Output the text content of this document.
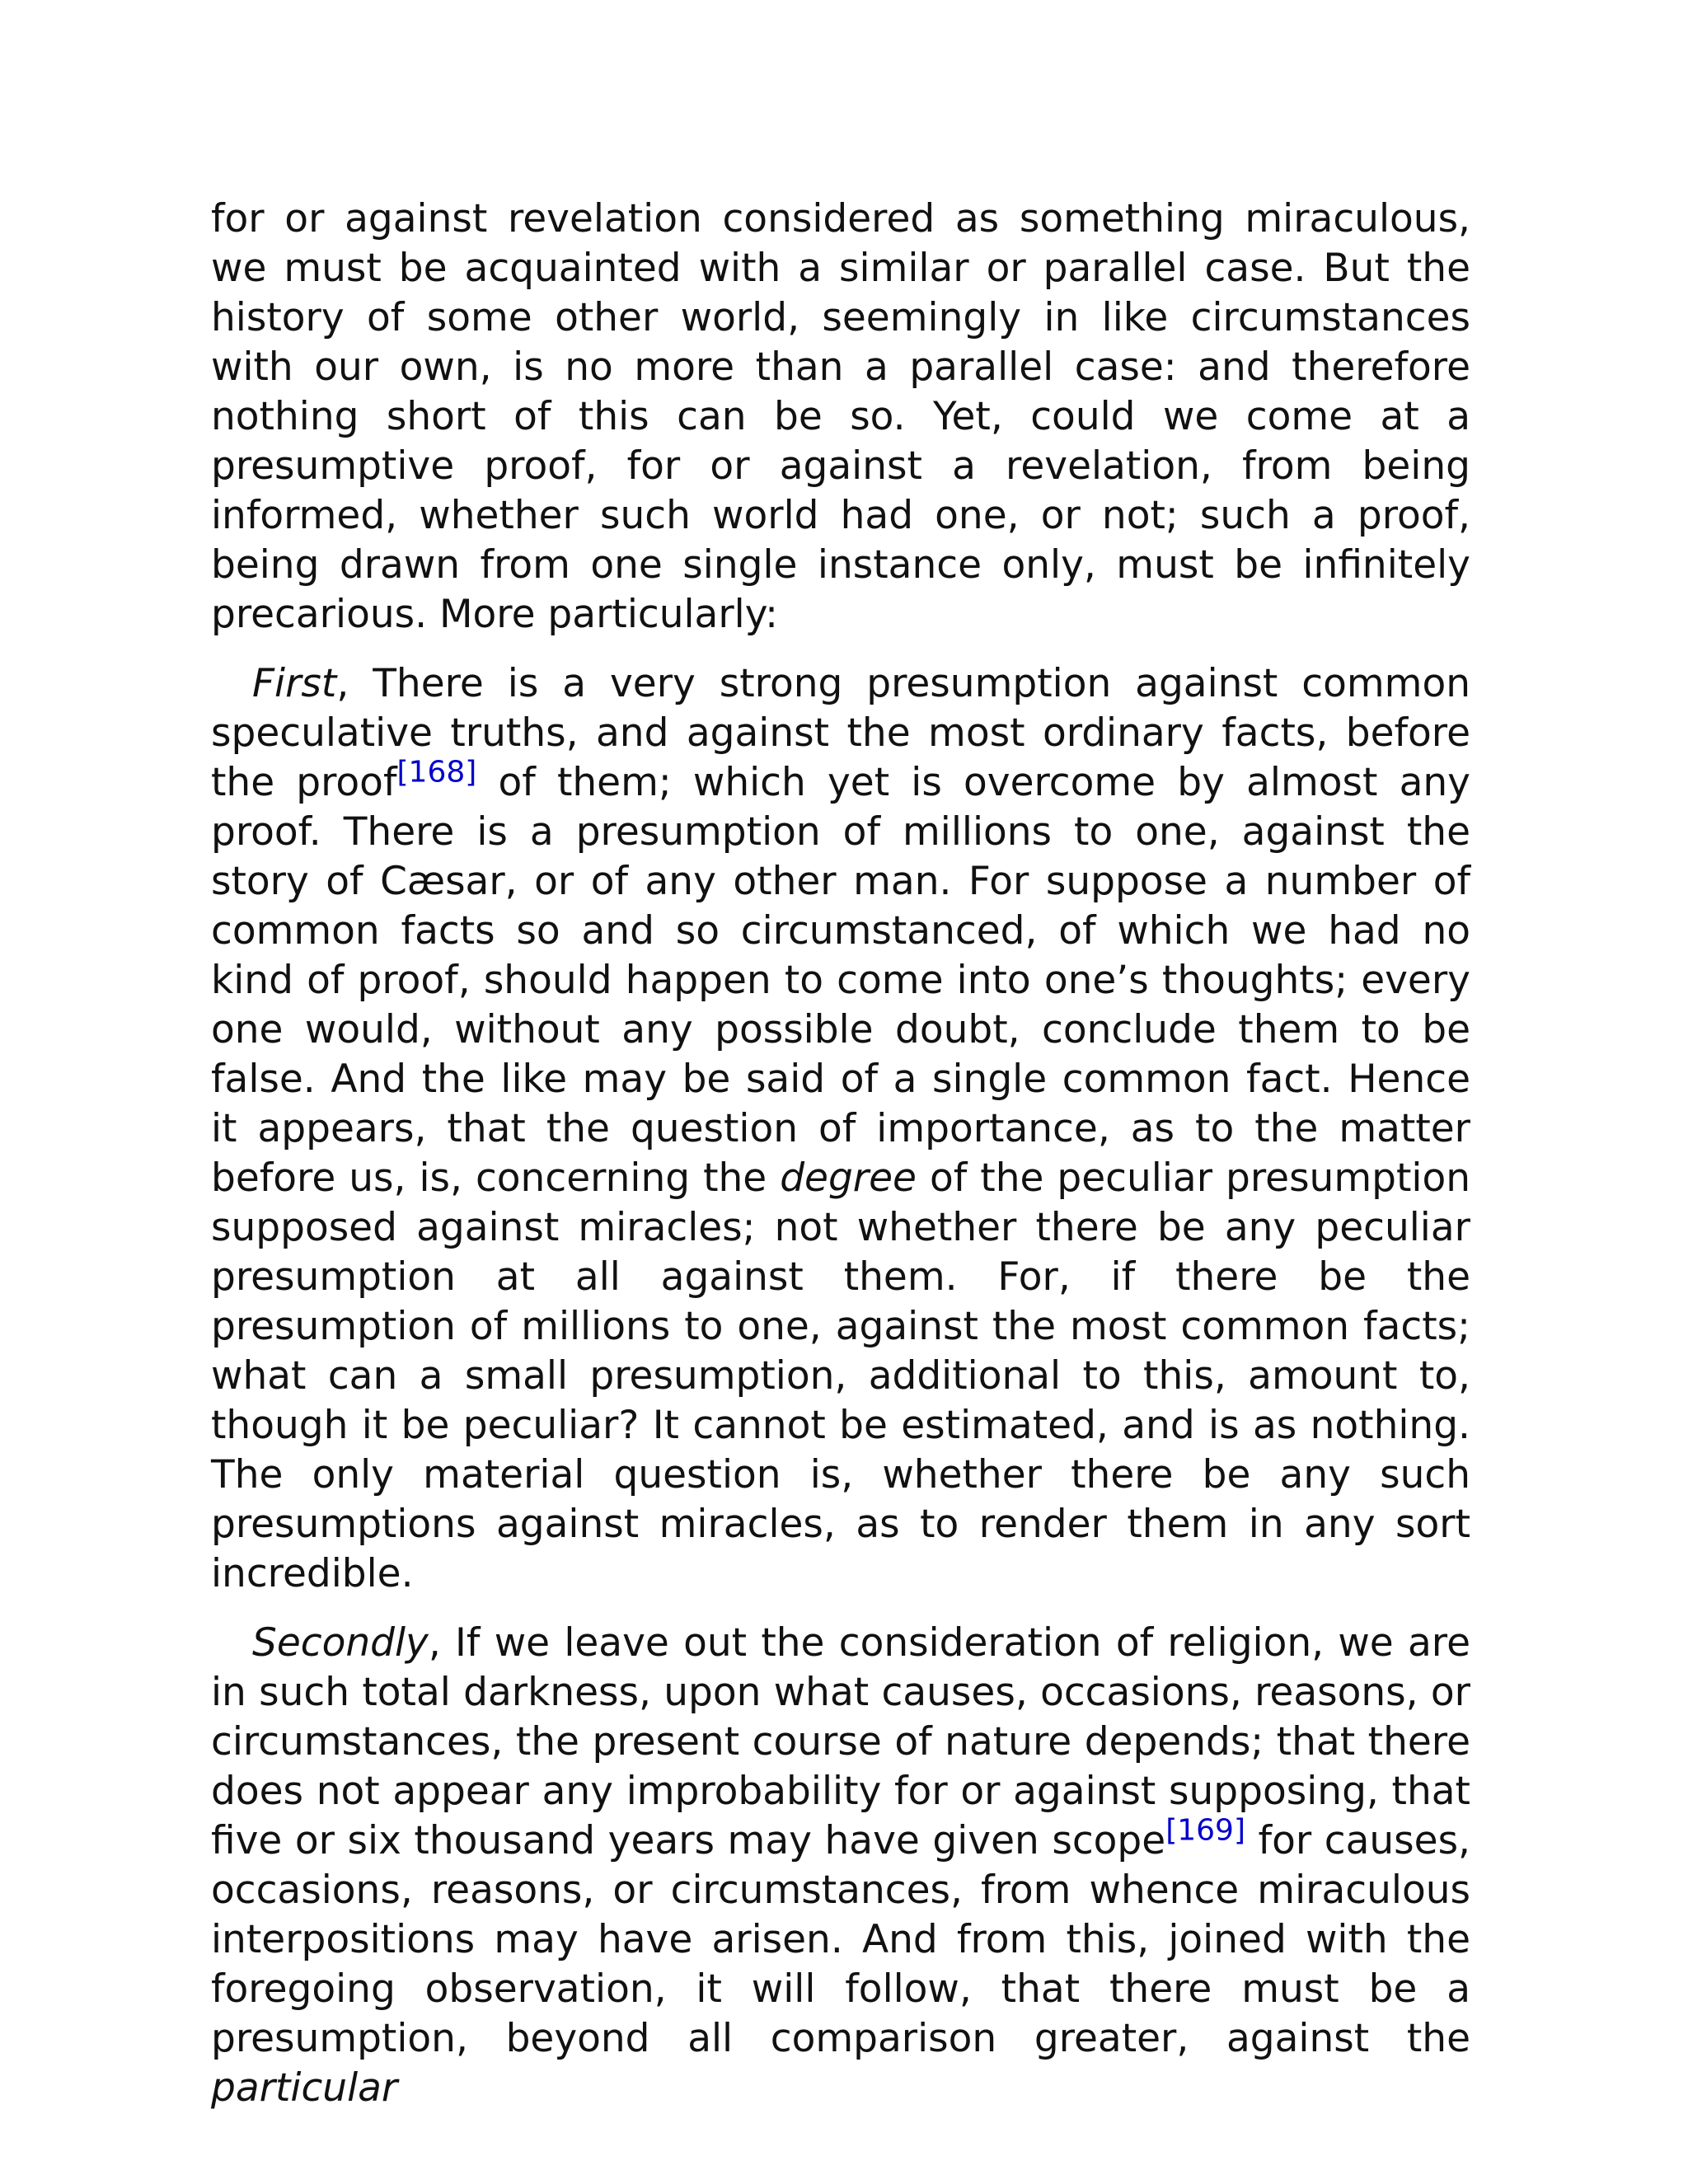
for or against revelation considered as something miraculous, we must be acquainted with a similar or parallel case. But the history of some other world, seemingly in like circumstances with our own, is no more than a parallel case: and therefore nothing short of this can be so. Yet, could we come at a presumptive proof, for or against a revelation, from being informed, whether such world had one, or not; such a proof, being drawn from one single instance only, must be infinitely precarious. More particularly:

First, There is a very strong presumption against common speculative truths, and against the most ordinary facts, before the proof[168] of them; which yet is overcome by almost any proof. There is a presumption of millions to one, against the story of Cæsar, or of any other man. For suppose a number of common facts so and so circumstanced, of which we had no kind of proof, should happen to come into one’s thoughts; every one would, without any possible doubt, conclude them to be false. And the like may be said of a single common fact. Hence it appears, that the question of importance, as to the matter before us, is, concerning the degree of the peculiar presumption supposed against miracles; not whether there be any peculiar presumption at all against them. For, if there be the presumption of millions to one, against the most common facts; what can a small presumption, additional to this, amount to, though it be peculiar? It cannot be estimated, and is as nothing. The only material question is, whether there be any such presumptions against miracles, as to render them in any sort incredible.

Secondly, If we leave out the consideration of religion, we are in such total darkness, upon what causes, occasions, reasons, or circumstances, the present course of nature depends; that there does not appear any improbability for or against supposing, that five or six thousand years may have given scope[169] for causes, occasions, reasons, or circumstances, from whence miraculous interpositions may have arisen. And from this, joined with the foregoing observation, it will follow, that there must be a presumption, beyond all comparison greater, against the particular
